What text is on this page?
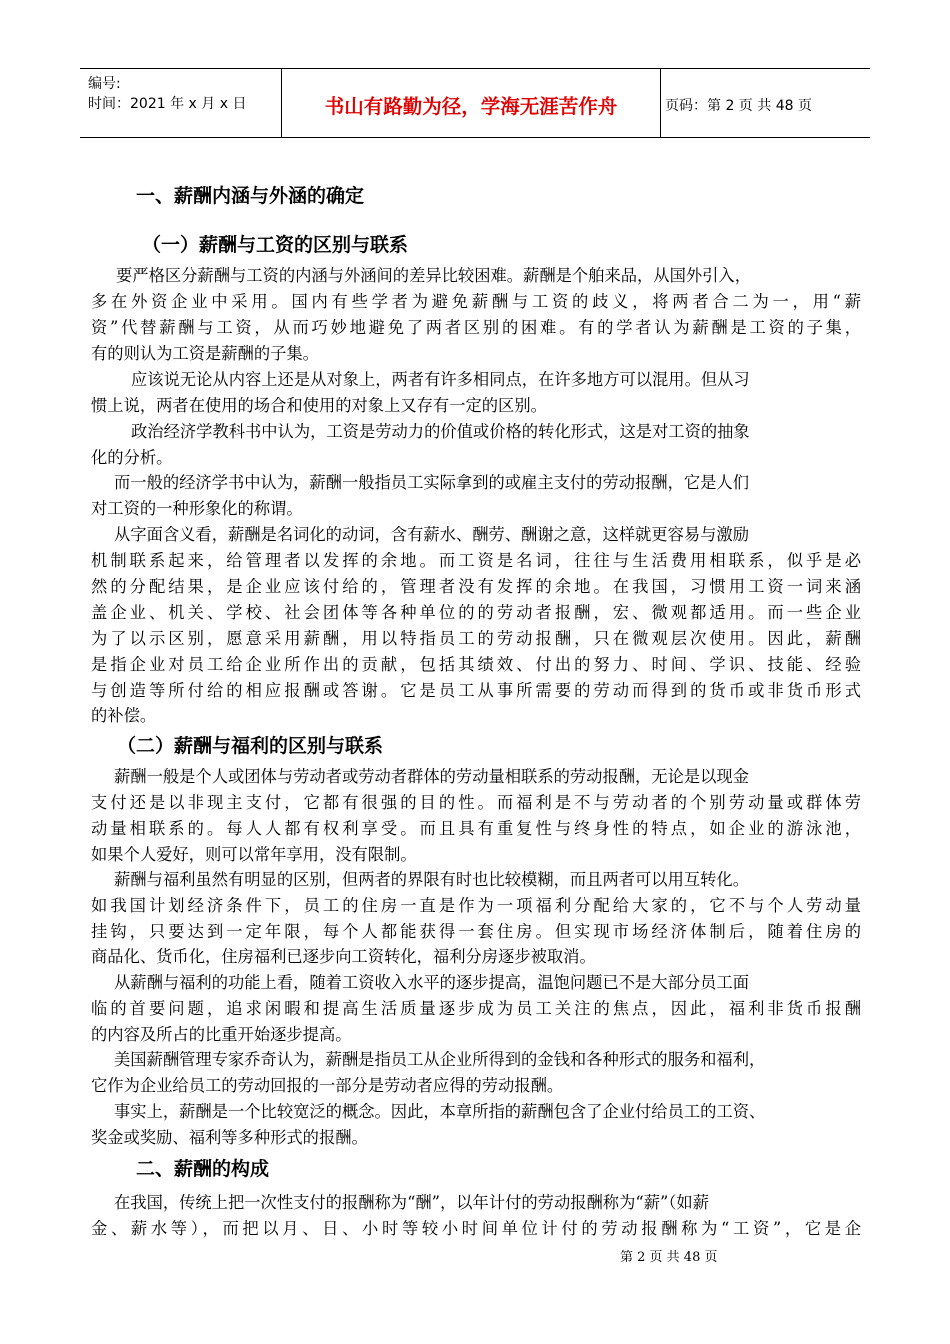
编号:
时间：2021 年 x 月 x 日	书山有路勤为径，学海无涯苦作舟	页码：第 2 页 共 48 页
一、薪酬内涵与外涵的确定
（一）薪酬与工资的区别与联系
要严格区分薪酬与工资的内涵与外涵间的差异比较困难。薪酬是个舶来品，从国外引入，
多在外资企业中采用。国内有些学者为避免薪酬与工资的歧义，将两者合二为一，用“薪
资”代替薪酬与工资，从而巧妙地避免了两者区别的困难。有的学者认为薪酬是工资的子集，
有的则认为工资是薪酬的子集。
应该说无论从内容上还是从对象上，两者有许多相同点，在许多地方可以混用。但从习
惯上说，两者在使用的场合和使用的对象上又存有一定的区别。
政治经济学教科书中认为，工资是劳动力的价值或价格的转化形式，这是对工资的抽象
化的分析。
而一般的经济学书中认为，薪酬一般指员工实际拿到的或雇主支付的劳动报酬，它是人们
对工资的一种形象化的称谓。
从字面含义看，薪酬是名词化的动词，含有薪水、酬劳、酬谢之意，这样就更容易与激励
机制联系起来，给管理者以发挥的余地。而工资是名词，往往与生活费用相联系，似乎是必
然的分配结果，是企业应该付给的，管理者没有发挥的余地。在我国，习惯用工资一词来涵
盖企业、机关、学校、社会团体等各种单位的的劳动者报酬，宏、微观都适用。而一些企业
为了以示区别，愿意采用薪酬，用以特指员工的劳动报酬，只在微观层次使用。因此，薪酬
是指企业对员工给企业所作出的贡献，包括其绩效、付出的努力、时间、学识、技能、经验
与创造等所付给的相应报酬或答谢。它是员工从事所需要的劳动而得到的货币或非货币形式
的补偿。
（二）薪酬与福利的区别与联系
薪酬一般是个人或团体与劳动者或劳动者群体的劳动量相联系的劳动报酬，无论是以现金
支付还是以非现主支付，它都有很强的目的性。而福利是不与劳动者的个别劳动量或群体劳
动量相联系的。每人人都有权利享受。而且具有重复性与终身性的特点，如企业的游泳池，
如果个人爱好，则可以常年享用，没有限制。
薪酬与福利虽然有明显的区别，但两者的界限有时也比较模糊，而且两者可以用互转化。
如我国计划经济条件下，员工的住房一直是作为一项福利分配给大家的，它不与个人劳动量
挂钩，只要达到一定年限，每个人都能获得一套住房。但实现市场经济体制后，随着住房的
商品化、货币化，住房福利已逐步向工资转化，福利分房逐步被取消。
从薪酬与福利的功能上看，随着工资收入水平的逐步提高，温饱问题已不是大部分员工面
临的首要问题，追求闲暇和提高生活质量逐步成为员工关注的焦点，因此，福利非货币报酬
的内容及所占的比重开始逐步提高。
美国薪酬管理专家乔奇认为，薪酬是指员工从企业所得到的金钱和各种形式的服务和福利，
它作为企业给员工的劳动回报的一部分是劳动者应得的劳动报酬。
事实上，薪酬是一个比较宽泛的概念。因此，本章所指的薪酬包含了企业付给员工的工资、
奖金或奖励、福利等多种形式的报酬。
二、薪酬的构成
在我国，传统上把一次性支付的报酬称为“酬”，以年计付的劳动报酬称为“薪”（如薪
金、薪水等），而把以月、日、小时等较小时间单位计付的劳动报酬称为“工资”，它是企
第 2 页 共 48 页
